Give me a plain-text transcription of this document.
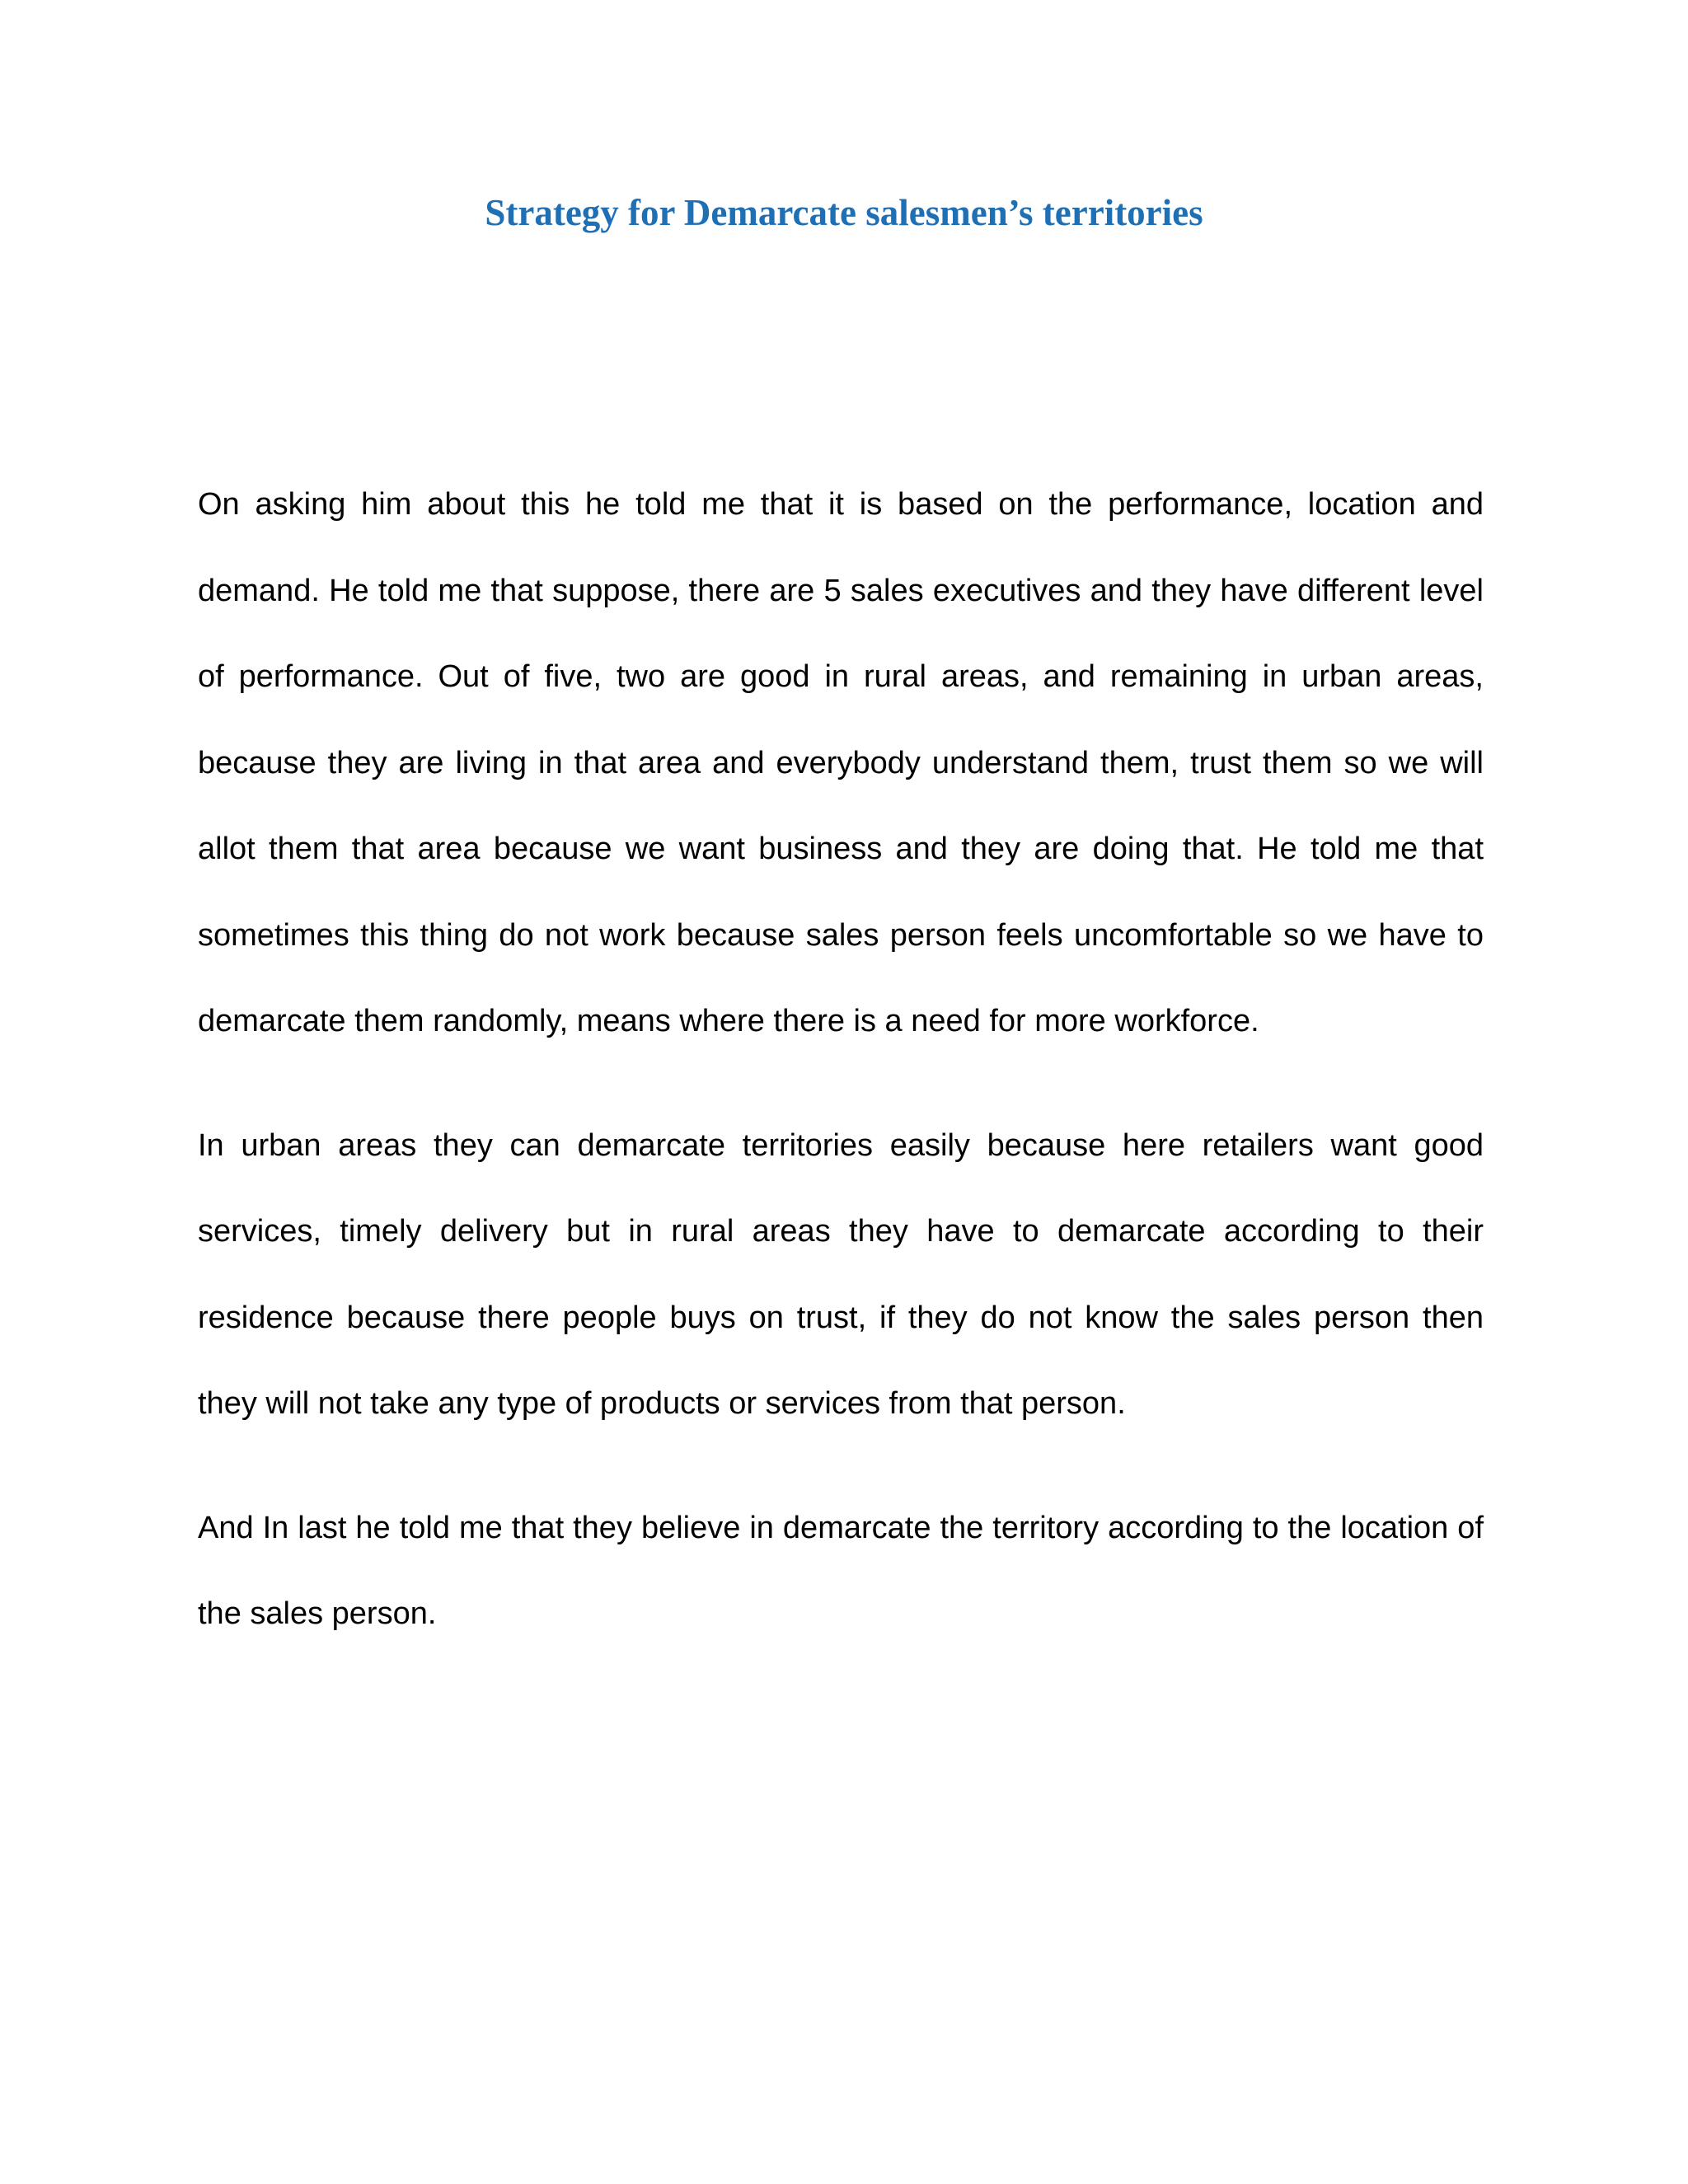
Strategy for Demarcate salesmen’s territories

On asking him about this he told me that it is based on the performance, location and demand. He told me that suppose, there are 5 sales executives and they have different level of performance. Out of five, two are good in rural areas, and remaining in urban areas, because they are living in that area and everybody understand them, trust them so we will allot them that area because we want business and they are doing that. He told me that sometimes this thing do not work because sales person feels uncomfortable so we have to demarcate them randomly, means where there is a need for more workforce.

In urban areas they can demarcate territories easily because here retailers want good services, timely delivery but in rural areas they have to demarcate according to their residence because there people buys on trust, if they do not know the sales person then they will not take any type of products or services from that person.

And In last he told me that they believe in demarcate the territory according to the location of the sales person.
